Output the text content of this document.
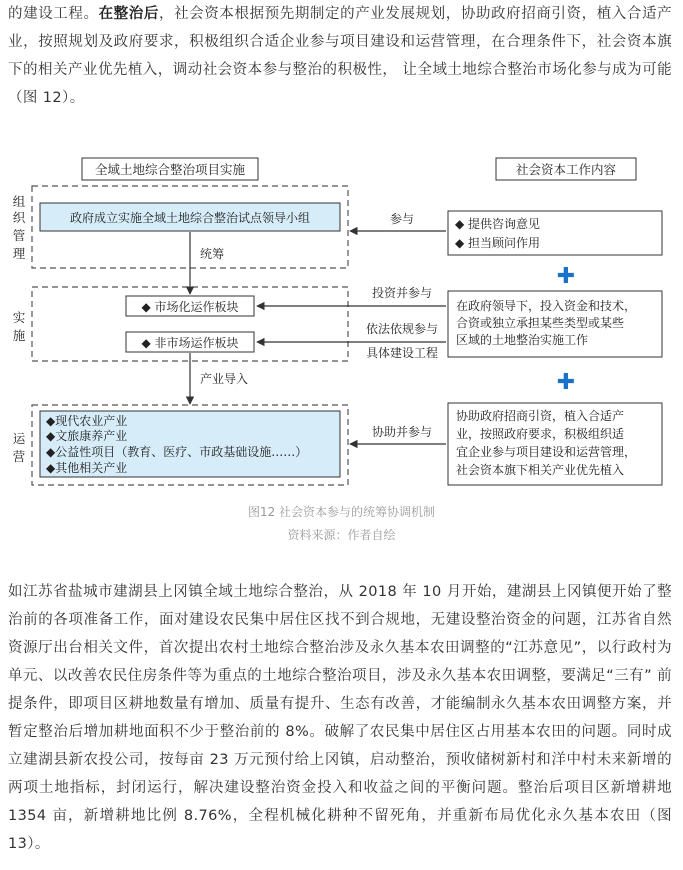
的建设工程。在整治后，社会资本根据预先期制定的产业发展规划，协助政府招商引资，植入合适产业，按照规划及政府要求，积极组织合适企业参与项目建设和运营管理，在合理条件下，社会资本旗下的相关产业优先植入，调动社会资本参与整治的积极性， 让全域土地综合整治市场化参与成为可能（图 12）。

全域土地综合整治项目实施	社会资本工作内容
组
织
管
理
实
施
运
营
政府成立实施全域土地综合整治试点领导小组
统筹
◆ 市场化运作板块
◆ 非市场运作板块
产业导入
◆现代农业产业
◆文旅康养产业
◆公益性项目（教育、医疗、市政基础设施……）
◆其他相关产业
◆ 提供咨询意见
◆ 担当顾问作用
✚
在政府领导下，投入资金和技术，
合资或独立承担某些类型或某些
区域的土地整治实施工作
✚
协助政府招商引资，植入合适产
业，按照政府要求，积极组织适
宜企业参与项目建设和运营管理，
社会资本旗下相关产业优先植入
参与
投资并参与
依法依规参与
具体建设工程
协助并参与
图12 社会资本参与的统筹协调机制
资料来源：作者自绘

如江苏省盐城市建湖县上冈镇全域土地综合整治，从 2018 年 10 月开始，建湖县上冈镇便开始了整治前的各项准备工作，面对建设农民集中居住区找不到合规地，无建设整治资金的问题，江苏省自然资源厅出台相关文件，首次提出农村土地综合整治涉及永久基本农田调整的“江苏意见”，以行政村为单元、以改善农民住房条件等为重点的土地综合整治项目，涉及永久基本农田调整，要满足“三有” 前提条件，即项目区耕地数量有增加、质量有提升、生态有改善，才能编制永久基本农田调整方案，并暂定整治后增加耕地面积不少于整治前的 8%。破解了农民集中居住区占用基本农田的问题。同时成立建湖县新农投公司，按每亩 23 万元预付给上冈镇，启动整治，预收储树新村和洋中村未来新增的两项土地指标，封闭运行，解决建设整治资金投入和收益之间的平衡问题。整治后项目区新增耕地1354 亩，新增耕地比例 8.76%，全程机械化耕种不留死角，并重新布局优化永久基本农田（图 13）。
